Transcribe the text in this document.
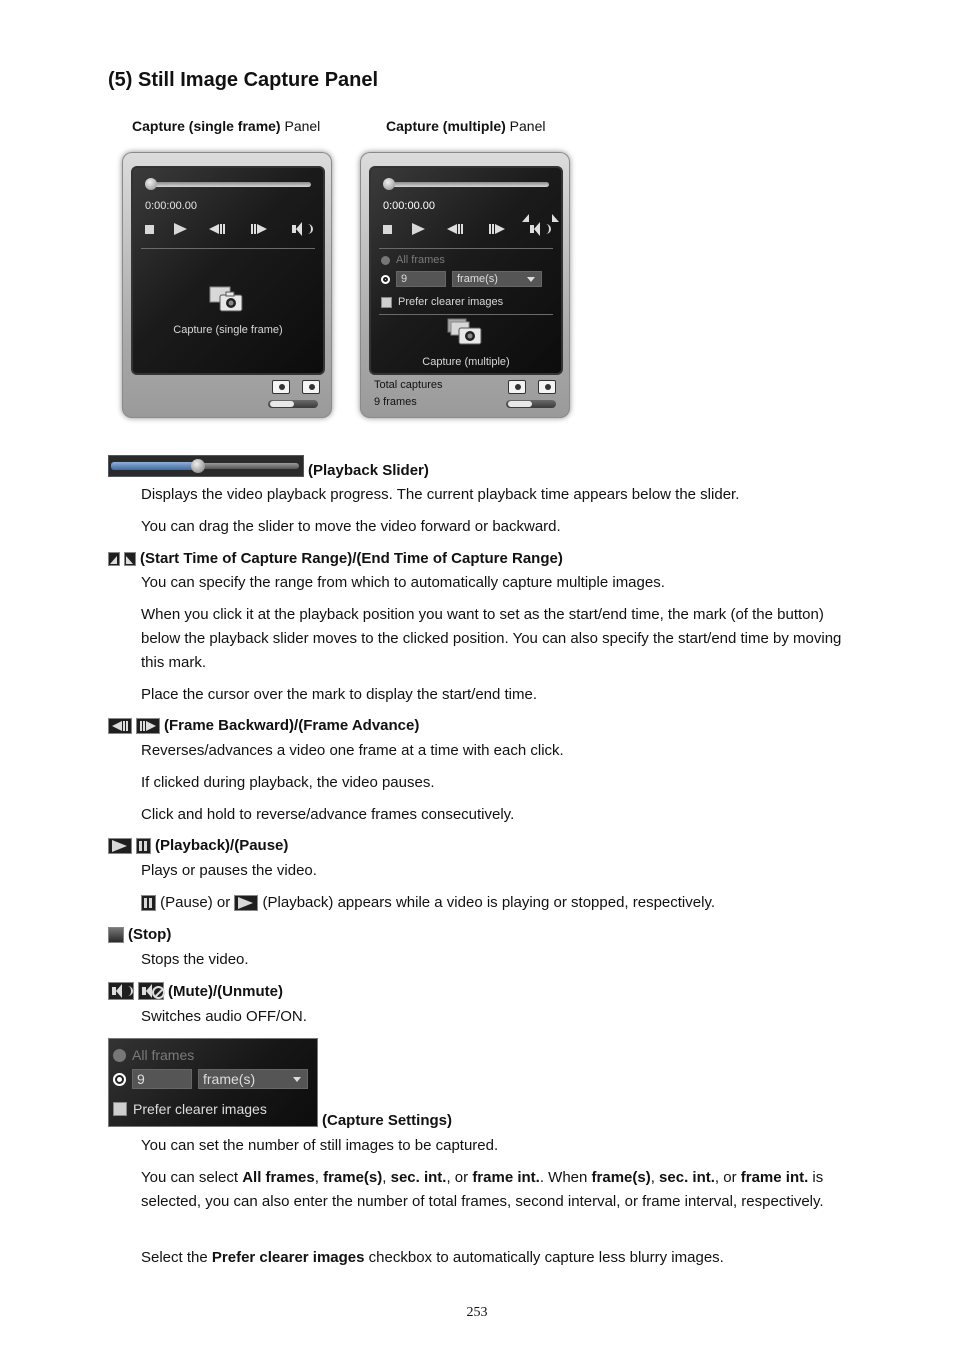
(5) Still Image Capture Panel
Capture (single frame) Panel	Capture (multiple) Panel
0:00:00.00
Capture (single frame)
0:00:00.00

All frames
9	frame(s)
Prefer clearer images
Capture (multiple)
Total captures
9 frames
(Playback Slider)
Displays the video playback progress. The current playback time appears below the slider.
You can drag the slider to move the video forward or backward.
(Start Time of Capture Range)/(End Time of Capture Range)
You can specify the range from which to automatically capture multiple images.
When you click it at the playback position you want to set as the start/end time, the mark (of the button) below the playback slider moves to the clicked position. You can also specify the start/end time by moving this mark.
Place the cursor over the mark to display the start/end time.
(Frame Backward)/(Frame Advance)
Reverses/advances a video one frame at a time with each click.
If clicked during playback, the video pauses.
Click and hold to reverse/advance frames consecutively.
(Playback)/(Pause)
Plays or pauses the video.
(Pause) or  (Playback) appears while a video is playing or stopped, respectively.
(Stop)
Stops the video.
(Mute)/(Unmute)
Switches audio OFF/ON.
All frames
9	frame(s)
Prefer clearer images
(Capture Settings)
You can set the number of still images to be captured.
You can select All frames, frame(s), sec. int., or frame int.. When frame(s), sec. int., or frame int. is selected, you can also enter the number of total frames, second interval, or frame interval, respectively.
Select the Prefer clearer images checkbox to automatically capture less blurry images.
253
